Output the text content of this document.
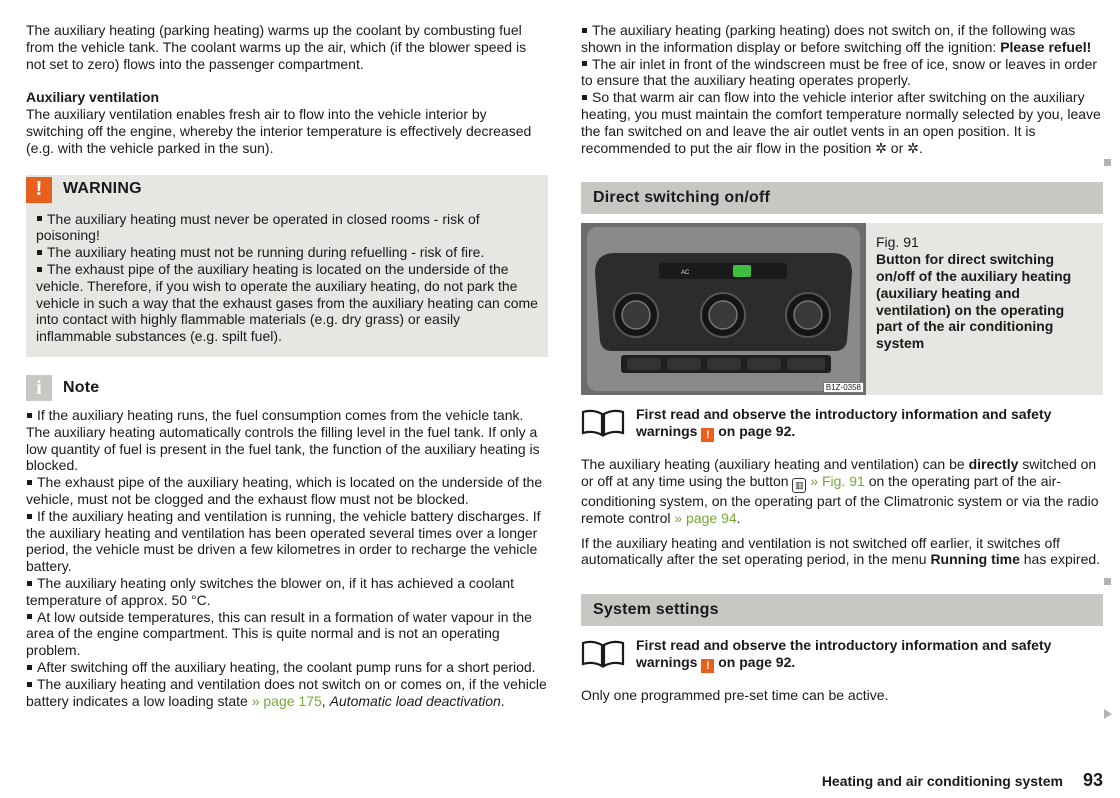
The auxiliary heating (parking heating) warms up the coolant by combusting fuel from the vehicle tank. The coolant warms up the air, which (if the blower speed is not set to zero) flows into the passenger compartment.

Auxiliary ventilation

The auxiliary ventilation enables fresh air to flow into the vehicle interior by switching off the engine, whereby the interior temperature is effectively decreased (e.g. with the vehicle parked in the sun).

!	WARNING

The auxiliary heating must never be operated in closed rooms - risk of poisoning!

The auxiliary heating must not be running during refuelling - risk of fire.

The exhaust pipe of the auxiliary heating is located on the underside of the vehicle. Therefore, if you wish to operate the auxiliary heating, do not park the vehicle in such a way that the exhaust gases from the auxiliary heating can come into contact with highly flammable materials (e.g. dry grass) or easily inflammable substances (e.g. spilt fuel).

i	Note

If the auxiliary heating runs, the fuel consumption comes from the vehicle tank. The auxiliary heating automatically controls the filling level in the fuel tank. If only a low quantity of fuel is present in the fuel tank, the function of the auxiliary heating is blocked.

The exhaust pipe of the auxiliary heating, which is located on the underside of the vehicle, must not be clogged and the exhaust flow must not be blocked.

If the auxiliary heating and ventilation is running, the vehicle battery discharges. If the auxiliary heating and ventilation has been operated several times over a longer period, the vehicle must be driven a few kilometres in order to recharge the vehicle battery.

The auxiliary heating only switches the blower on, if it has achieved a coolant temperature of approx. 50 °C.

At low outside temperatures, this can result in a formation of water vapour in the area of the engine compartment. This is quite normal and is not an operating problem.

After switching off the auxiliary heating, the coolant pump runs for a short period.

The auxiliary heating and ventilation does not switch on or comes on, if the vehicle battery indicates a low loading state » page 175, Automatic load deactivation.

The auxiliary heating (parking heating) does not switch on, if the following was shown in the information display or before switching off the ignition: Please refuel!

The air inlet in front of the windscreen must be free of ice, snow or leaves in order to ensure that the auxiliary heating operates properly.

So that warm air can flow into the vehicle interior after switching on the auxiliary heating, you must maintain the comfort temperature normally selected by you, leave the fan switched on and leave the air outlet vents in an open position. It is recommended to put the air flow in the position ✲ or ✲.

Direct switching on/off
AC
B1Z-0358

Fig. 91

Button for direct switching on/off of the auxiliary heating (auxiliary heating and ventilation) on the operating part of the air conditioning system

First read and observe the introductory information and safety warnings ! on page 92.

The auxiliary heating (auxiliary heating and ventilation) can be directly switched on or off at any time using the button ▥ » Fig. 91 on the operating part of the air-conditioning system, on the operating part of the Climatronic system or via the radio remote control » page 94.

If the auxiliary heating and ventilation is not switched off earlier, it switches off automatically after the set operating period, in the menu Running time has expired.

System settings

First read and observe the introductory information and safety warnings ! on page 92.

Only one programmed pre-set time can be active.

Heating and air conditioning system 93
